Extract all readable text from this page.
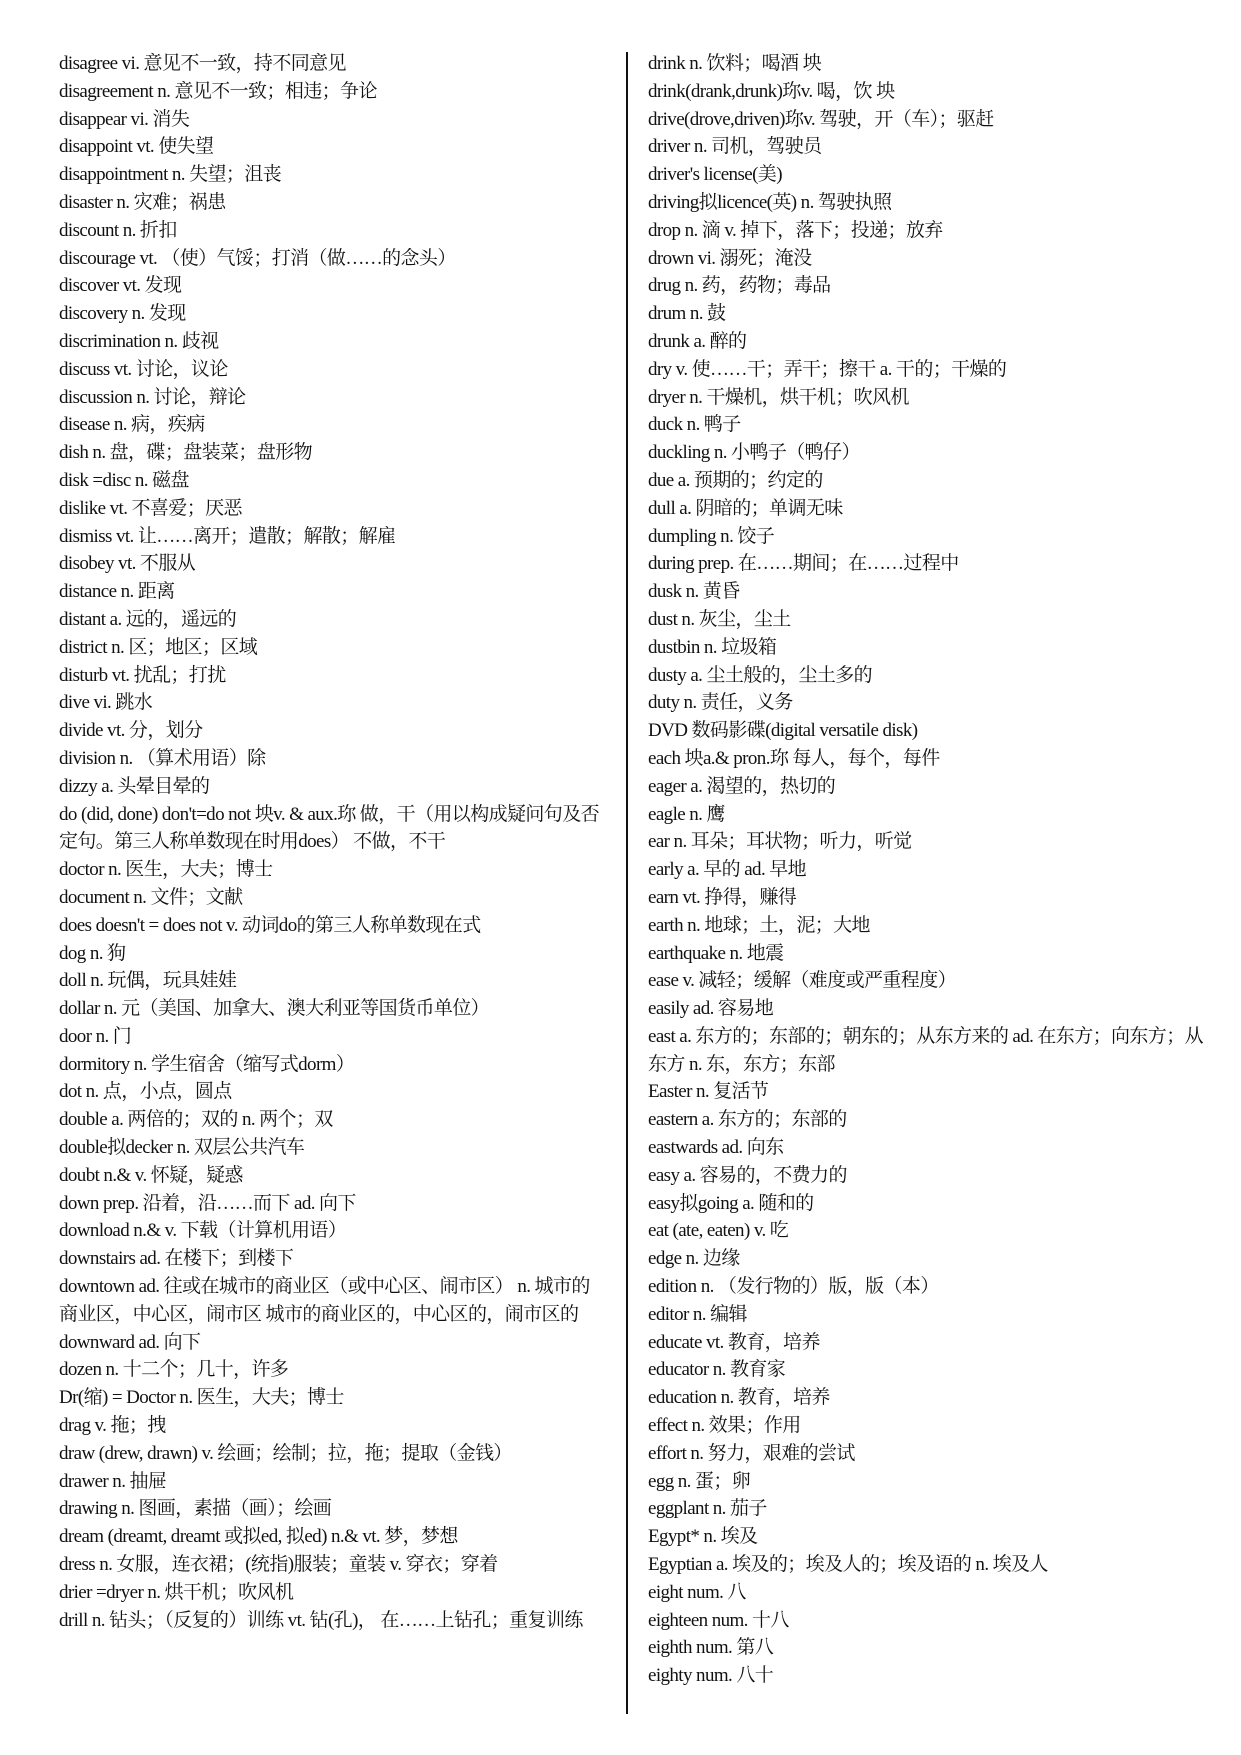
disagree vi. 意见不一致，持不同意见
disagreement n. 意见不一致；相违；争论
disappear vi. 消失
disappoint vt. 使失望
disappointment n. 失望；沮丧
disaster n. 灾难；祸患
discount n. 折扣
discourage vt. （使）气馁；打消（做……的念头）
discover vt. 发现
discovery n. 发现
discrimination n. 歧视
discuss vt. 讨论，议论
discussion n. 讨论，辩论
disease n. 病，疾病
dish n. 盘，碟；盘装菜；盘形物
disk =disc n. 磁盘
dislike vt. 不喜爱；厌恶
dismiss vt. 让……离开；遣散；解散；解雇
disobey vt. 不服从
distance n. 距离
distant a. 远的，遥远的
district n. 区；地区；区域
disturb vt. 扰乱；打扰
dive vi. 跳水
divide vt. 分，划分
division n. （算术用语）除
dizzy a. 头晕目晕的
do (did, done) don't=do not 坱v. & aux.珎 做，干（用以构成疑问句及否定句。第三人称单数现在时用does） 不做，不干
doctor n. 医生，大夫；博士
document n. 文件；文献
does doesn't = does not v. 动词do的第三人称单数现在式
dog n. 狗
doll n. 玩偶，玩具娃娃
dollar n. 元（美国、加拿大、澳大利亚等国货币单位）
door n. 门
dormitory n. 学生宿舍（缩写式dorm）
dot n. 点，小点，圆点
double a. 两倍的；双的 n. 两个；双
double拟decker n. 双层公共汽车
doubt n.& v. 怀疑，疑惑
down prep. 沿着，沿……而下 ad. 向下
download n.& v. 下载（计算机用语）
downstairs ad. 在楼下；到楼下
downtown ad. 往或在城市的商业区（或中心区、闹市区） n. 城市的商业区，中心区，闹市区 城市的商业区的，中心区的，闹市区的
downward ad. 向下
dozen n. 十二个；几十，许多
Dr(缩) = Doctor n. 医生，大夫；博士
drag v. 拖；拽
draw (drew, drawn) v. 绘画；绘制；拉，拖；提取（金钱）
drawer n. 抽屉
drawing n. 图画，素描（画）；绘画
dream (dreamt, dreamt 或拟ed, 拟ed) n.& vt. 梦，梦想
dress n. 女服，连衣裙；(统指)服装；童装 v. 穿衣；穿着
drier =dryer n. 烘干机；吹风机
drill n. 钻头；（反复的）训练 vt. 钻(孔)， 在……上钻孔；重复训练
drink n. 饮料；喝酒 坱
drink(drank,drunk)珎v. 喝，饮 坱
drive(drove,driven)珎v. 驾驶，开（车）；驱赶
driver n. 司机，驾驶员
driver's license(美)
driving拟licence(英) n. 驾驶执照
drop n. 滴 v. 掉下，落下；投递；放弃
drown vi. 溺死；淹没
drug n. 药，药物；毒品
drum n. 鼓
drunk a. 醉的
dry v. 使……干；弄干；擦干 a. 干的；干燥的
dryer n. 干燥机，烘干机；吹风机
duck n. 鸭子
duckling n. 小鸭子（鸭仔）
due a. 预期的；约定的
dull a. 阴暗的；单调无味
dumpling n. 饺子
during prep. 在……期间；在……过程中
dusk n. 黄昏
dust n. 灰尘，尘土
dustbin n. 垃圾箱
dusty a. 尘土般的，尘土多的
duty n. 责任，义务
DVD 数码影碟(digital versatile disk)
each 坱a.& pron.珎 每人，每个，每件
eager a. 渴望的，热切的
eagle n. 鹰
ear n. 耳朵；耳状物；听力，听觉
early a. 早的 ad. 早地
earn vt. 挣得，赚得
earth n. 地球；土，泥；大地
earthquake n. 地震
ease v. 减轻；缓解（难度或严重程度）
easily ad. 容易地
east a. 东方的；东部的；朝东的；从东方来的 ad. 在东方；向东方；从东方 n. 东，东方；东部
Easter n. 复活节
eastern a. 东方的；东部的
eastwards ad. 向东
easy a. 容易的，不费力的
easy拟going a. 随和的
eat (ate, eaten) v. 吃
edge n. 边缘
edition n. （发行物的）版，版（本）
editor n. 编辑
educate vt. 教育，培养
educator n. 教育家
education n. 教育，培养
effect n. 效果；作用
effort n. 努力，艰难的尝试
egg n. 蛋；卵
eggplant n. 茄子
Egypt* n. 埃及
Egyptian a. 埃及的；埃及人的；埃及语的 n. 埃及人
eight num. 八
eighteen num. 十八
eighth num. 第八
eighty num. 八十
